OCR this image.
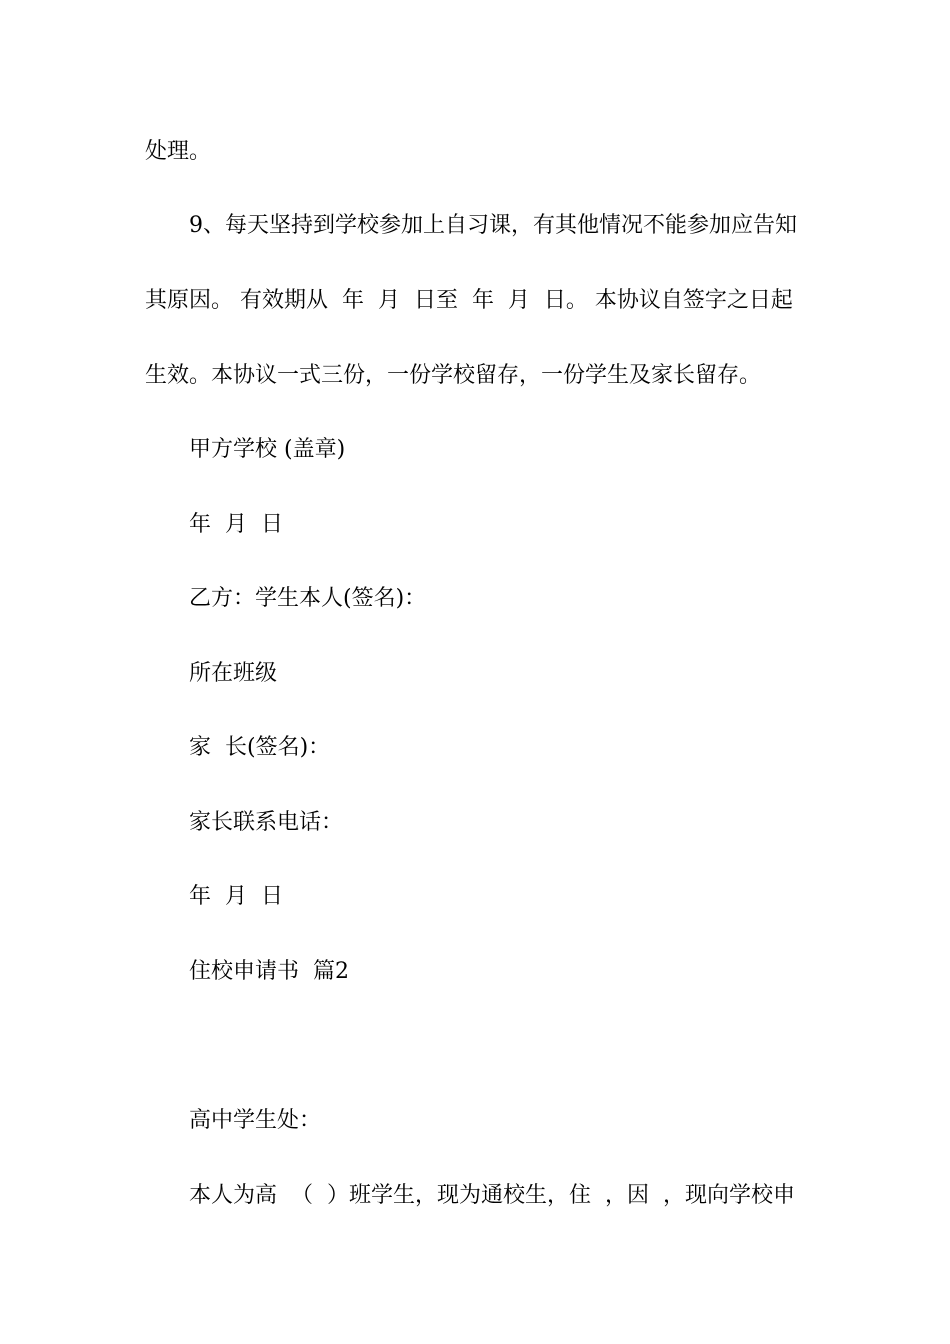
处理。
9、每天坚持到学校参加上自习课，有其他情况不能参加应告知
其原因。 有效期从  年  月  日至  年  月  日。 本协议自签字之日起
生效。本协议一式三份，一份学校留存，一份学生及家长留存。
甲方学校 (盖章)
年  月  日
乙方：学生本人(签名)：
所在班级
家  长(签名)：
家长联系电话：
年  月  日
住校申请书  篇2
高中学生处：
本人为高  （  ）班学生，现为通校生，住  ，因  ，现向学校申
